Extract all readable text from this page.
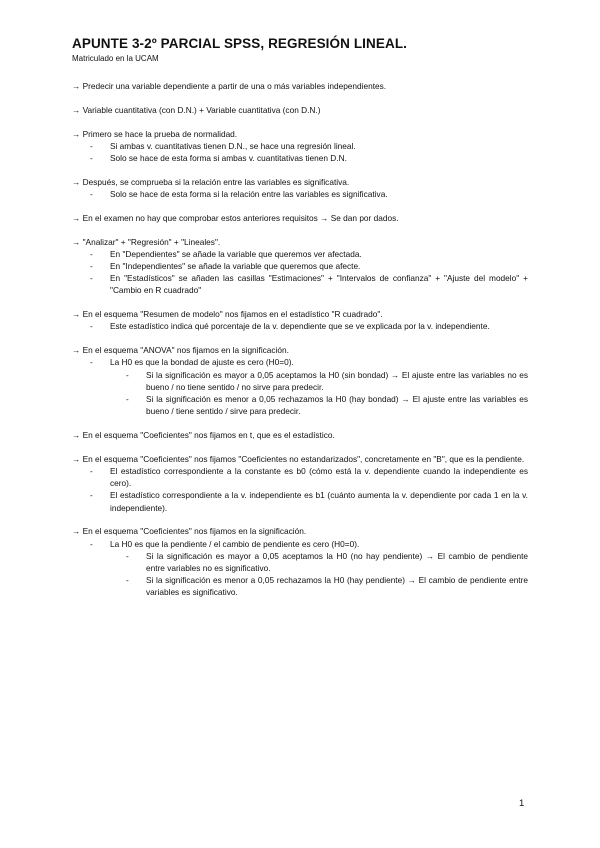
APUNTE 3-2º PARCIAL SPSS, REGRESIÓN LINEAL.

Matriculado en la UCAM

→ Predecir una variable dependiente a partir de una o más variables independientes.

→ Variable cuantitativa (con D.N.) + Variable cuantitativa (con D.N.)

→ Primero se hace la prueba de normalidad.

- Si ambas v. cuantitativas tienen D.N., se hace una regresión lineal.
- Solo se hace de esta forma si ambas v. cuantitativas tienen D.N.

→ Después, se comprueba si la relación entre las variables es significativa.

- Solo se hace de esta forma si la relación entre las variables es significativa.

→ En el examen no hay que comprobar estos anteriores requisitos → Se dan por dados.

→ "Analizar" + "Regresión" + "Lineales".

- En "Dependientes" se añade la variable que queremos ver afectada.
- En "Independientes" se añade la variable que queremos que afecte.
- En "Estadísticos" se añaden las casillas "Estimaciones" + "Intervalos de confianza" + "Ajuste del modelo" + "Cambio en R cuadrado"

→ En el esquema "Resumen de modelo" nos fijamos en el estadístico "R cuadrado".

- Este estadístico indica qué porcentaje de la v. dependiente que se ve explicada por la v. independiente.

→ En el esquema "ANOVA" nos fijamos en la significación.

- La H0 es que la bondad de ajuste es cero (H0=0).
- Si la significación es mayor a 0,05 aceptamos la H0 (sin bondad) → El ajuste entre las variables no es bueno / no tiene sentido / no sirve para predecir.
- Si la significación es menor a 0,05 rechazamos la H0 (hay bondad) → El ajuste entre las variables es bueno / tiene sentido / sirve para predecir.

→ En el esquema "Coeficientes" nos fijamos en t, que es el estadístico.

→ En el esquema "Coeficientes" nos fijamos "Coeficientes no estandarizados", concretamente en "B", que es la pendiente.

- El estadístico correspondiente a la constante es b0 (cómo está la v. dependiente cuando la independiente es cero).
- El estadístico correspondiente a la v. independiente es b1 (cuánto aumenta la v. dependiente por cada 1 en la v. independiente).

→ En el esquema "Coeficientes" nos fijamos en la significación.

- La H0 es que la pendiente / el cambio de pendiente es cero (H0=0).
- Si la significación es mayor a 0,05 aceptamos la H0 (no hay pendiente) → El cambio de pendiente entre variables no es significativo.
- Si la significación es menor a 0,05 rechazamos la H0 (hay pendiente) → El cambio de pendiente entre variables es significativo.
1
